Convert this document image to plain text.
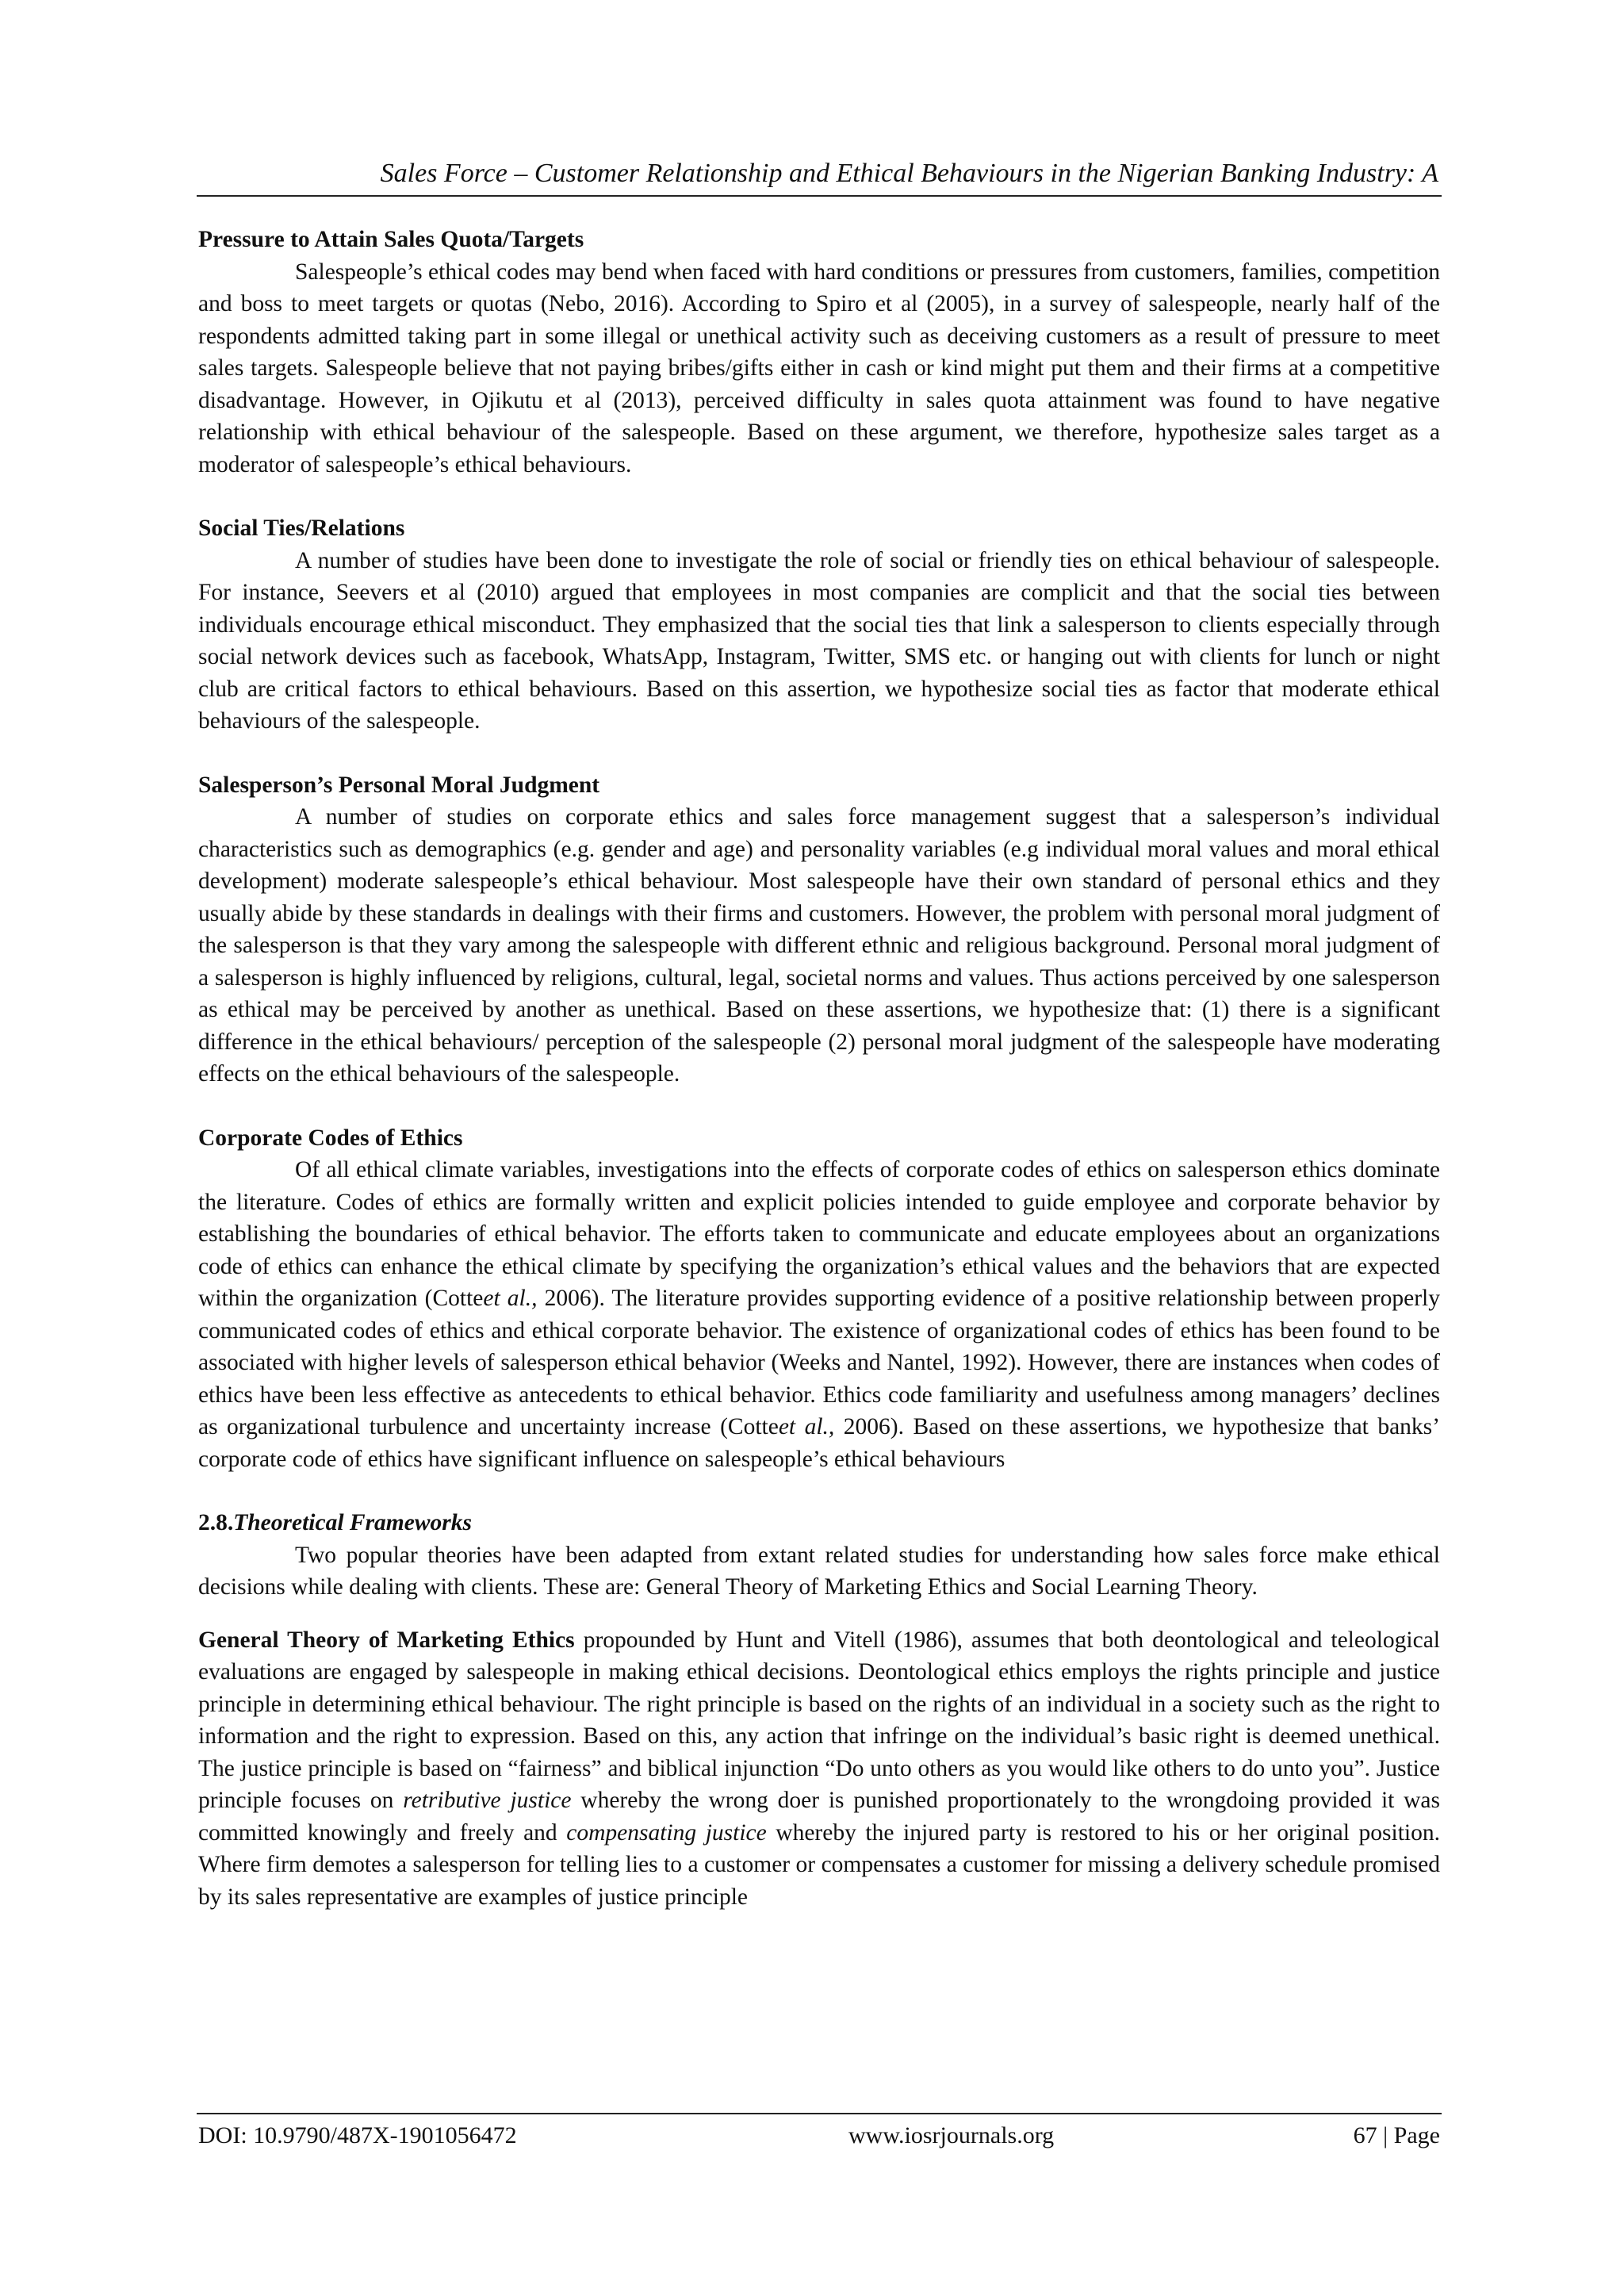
Sales Force – Customer Relationship and Ethical Behaviours in the Nigerian Banking Industry: A

Pressure to Attain Sales Quota/Targets

Salespeople’s ethical codes may bend when faced with hard conditions or pressures from customers, families, competition and boss to meet targets or quotas (Nebo, 2016). According to Spiro et al (2005), in a survey of salespeople, nearly half of the respondents admitted taking part in some illegal or unethical activity such as deceiving customers as a result of pressure to meet sales targets. Salespeople believe that not paying bribes/gifts either in cash or kind might put them and their firms at a competitive disadvantage. However, in Ojikutu et al (2013), perceived difficulty in sales quota attainment was found to have negative relationship with ethical behaviour of the salespeople. Based on these argument, we therefore, hypothesize sales target as a moderator of salespeople’s ethical behaviours.

Social Ties/Relations

A number of studies have been done to investigate the role of social or friendly ties on ethical behaviour of salespeople. For instance, Seevers et al (2010) argued that employees in most companies are complicit and that the social ties between individuals encourage ethical misconduct. They emphasized that the social ties that link a salesperson to clients especially through social network devices such as facebook, WhatsApp, Instagram, Twitter, SMS etc. or hanging out with clients for lunch or night club are critical factors to ethical behaviours. Based on this assertion, we hypothesize social ties as factor that moderate ethical behaviours of the salespeople.

Salesperson’s Personal Moral Judgment

A number of studies on corporate ethics and sales force management suggest that a salesperson’s individual characteristics such as demographics (e.g. gender and age) and personality variables (e.g individual moral values and moral ethical development) moderate salespeople’s ethical behaviour. Most salespeople have their own standard of personal ethics and they usually abide by these standards in dealings with their firms and customers. However, the problem with personal moral judgment of the salesperson is that they vary among the salespeople with different ethnic and religious background. Personal moral judgment of a salesperson is highly influenced by religions, cultural, legal, societal norms and values. Thus actions perceived by one salesperson as ethical may be perceived by another as unethical. Based on these assertions, we hypothesize that: (1) there is a significant difference in the ethical behaviours/ perception of the salespeople (2) personal moral judgment of the salespeople have moderating effects on the ethical behaviours of the salespeople.

Corporate Codes of Ethics

Of all ethical climate variables, investigations into the effects of corporate codes of ethics on salesperson ethics dominate the literature. Codes of ethics are formally written and explicit policies intended to guide employee and corporate behavior by establishing the boundaries of ethical behavior. The efforts taken to communicate and educate employees about an organizations code of ethics can enhance the ethical climate by specifying the organization’s ethical values and the behaviors that are expected within the organization (Cotteet al., 2006). The literature provides supporting evidence of a positive relationship between properly communicated codes of ethics and ethical corporate behavior. The existence of organizational codes of ethics has been found to be associated with higher levels of salesperson ethical behavior (Weeks and Nantel, 1992). However, there are instances when codes of ethics have been less effective as antecedents to ethical behavior. Ethics code familiarity and usefulness among managers’ declines as organizational turbulence and uncertainty increase (Cotteet al., 2006). Based on these assertions, we hypothesize that banks’ corporate code of ethics have significant influence on salespeople’s ethical behaviours

2.8.Theoretical Frameworks

Two popular theories have been adapted from extant related studies for understanding how sales force make ethical decisions while dealing with clients. These are: General Theory of Marketing Ethics and Social Learning Theory.

General Theory of Marketing Ethics propounded by Hunt and Vitell (1986), assumes that both deontological and teleological evaluations are engaged by salespeople in making ethical decisions. Deontological ethics employs the rights principle and justice principle in determining ethical behaviour. The right principle is based on the rights of an individual in a society such as the right to information and the right to expression. Based on this, any action that infringe on the individual’s basic right is deemed unethical. The justice principle is based on “fairness” and biblical injunction “Do unto others as you would like others to do unto you”. Justice principle focuses on retributive justice whereby the wrong doer is punished proportionately to the wrongdoing provided it was committed knowingly and freely and compensating justice whereby the injured party is restored to his or her original position. Where firm demotes a salesperson for telling lies to a customer or compensates a customer for missing a delivery schedule promised by its sales representative are examples of justice principle

DOI: 10.9790/487X-1901056472	www.iosrjournals.org	67 | Page
